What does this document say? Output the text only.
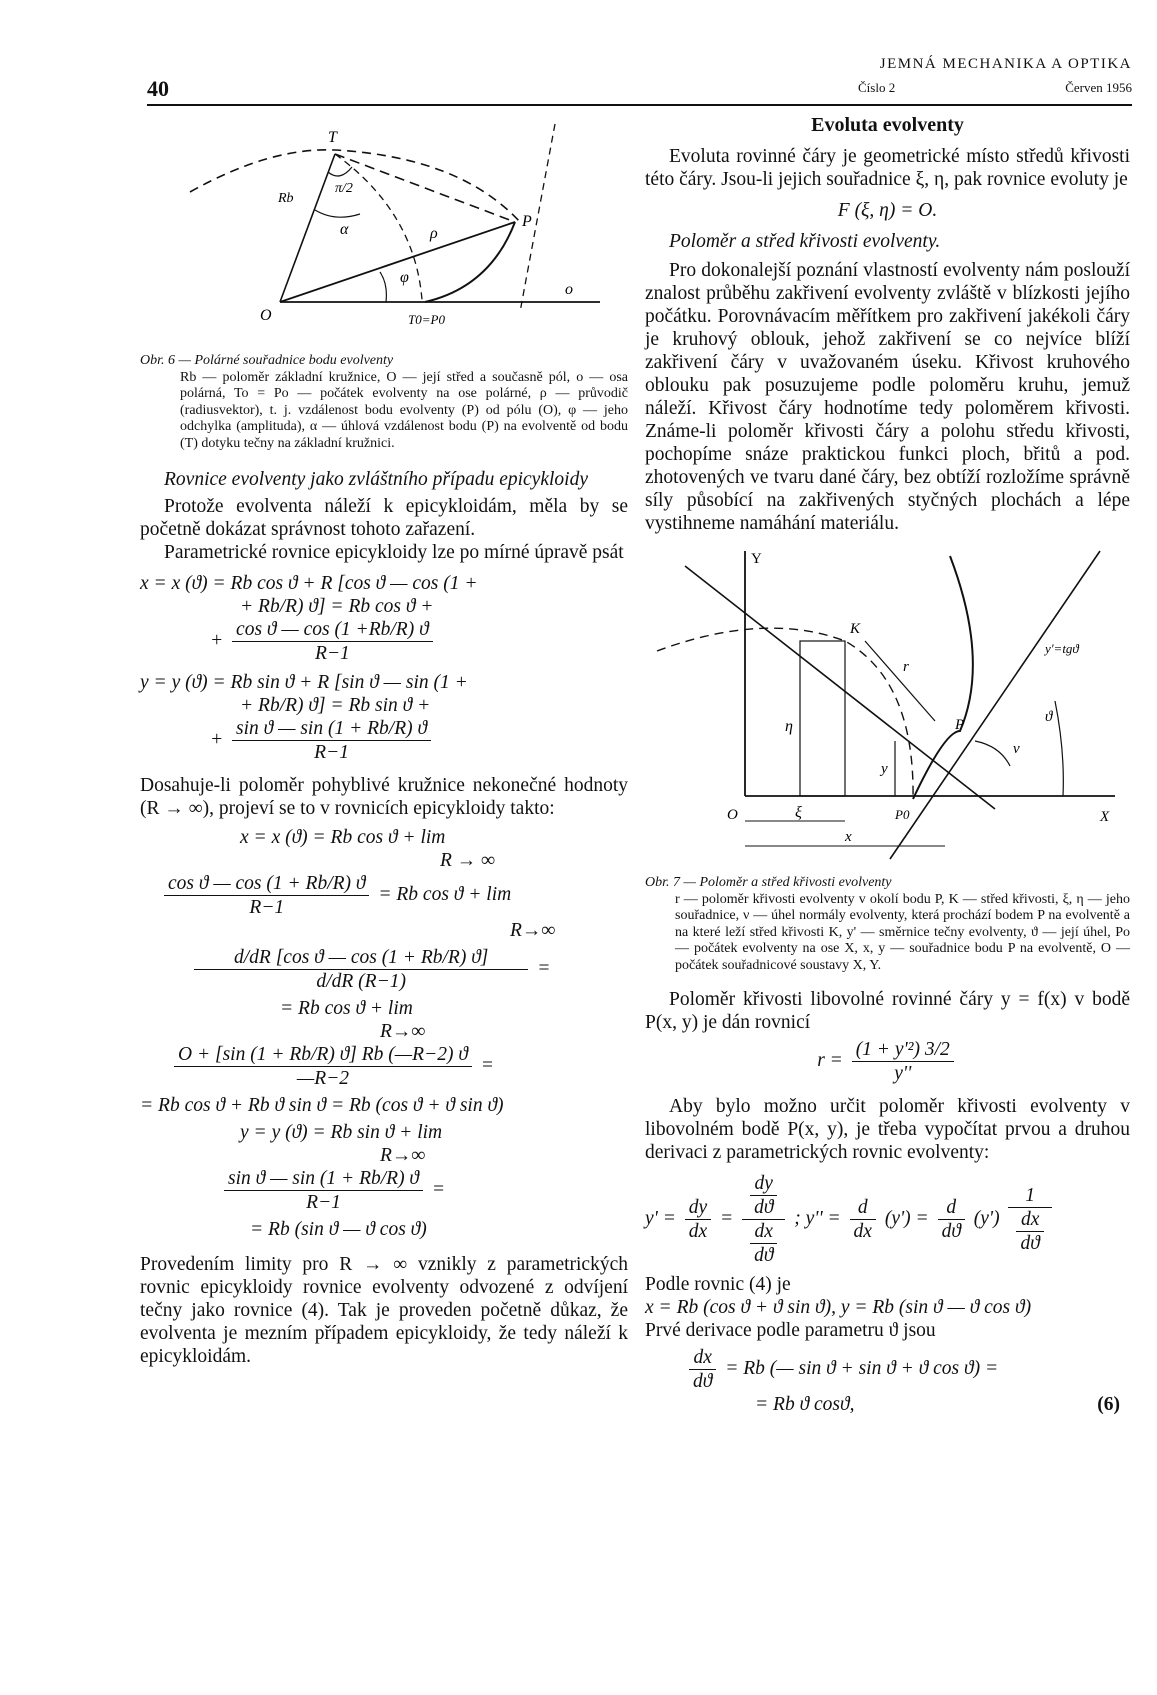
40
JEMNÁ MECHANIKA A OPTIKA
Číslo 2	Červen 1956
T
P
O
o
Rb
π/2
α	ρ
φ
T0=P0
Obr. 6 — Polárné souřadnice bodu evolventy
Rb — poloměr základní kružnice, O — její střed a současně pól, o — osa polárná, To = Po — počátek evolventy na ose polárné, ρ — průvodič (radiusvektor), t. j. vzdálenost bodu evolventy (P) od pólu (O), φ — jeho odchylka (amplituda), α — úhlová vzdálenost bodu (P) na evolventě od bodu (T) dotyku tečny na základní kružnici.

Rovnice evolventy jako zvláštního případu epicykloidy

Protože evolventa náleží k epicykloidám, měla by se početně dokázat správnost tohoto zařazení.

Parametrické rovnice epicykloidy lze po mírné úpravě psát

x = x (ϑ) = Rb cos ϑ + R [cos ϑ — cos (1 +
+ Rb/R) ϑ] = Rb cos ϑ +
+ $\frac{\text{cos ϑ — cos (1 +Rb/R) ϑ}}{R-1}$
y = y (ϑ) = Rb sin ϑ + R [sin ϑ — sin (1 +
+ Rb/R) ϑ] = Rb sin ϑ +
+ $\frac{\text{sin ϑ — sin (1 + Rb/R) ϑ}}{R-1}$

Dosahuje-li poloměr pohyblivé kružnice nekonečné hodnoty (R → ∞), projeví se to v rovnicích epicykloidy takto:

x = x (ϑ) = Rb cos ϑ + lim
R → ∞
$\frac{\text{cos ϑ — cos (1 + Rb/R) ϑ}}{R-1} = Rb$ cos ϑ + lim
R→∞
$\frac{\text{d/dR [cos ϑ — cos (1 + Rb/R) ϑ]}}{d/dR (R-1)}$ =
= Rb cos ϑ + lim
R→∞
$\frac{O + [\sin (1 + Rb/R) ϑ] Rb (—R-2) ϑ}{—R-2}$ =
= Rb cos ϑ + Rb ϑ sin ϑ = Rb (cos ϑ + ϑ sin ϑ)
y = y (ϑ) = Rb sin ϑ + lim
R→∞
$\frac{\text{sin ϑ — sin (1 + Rb/R) ϑ}}{R-1}$ =
= Rb (sin ϑ — ϑ cos ϑ)

Provedením limity pro R → ∞ vznikly z parametrických rovnic epicykloidy rovnice evolventy odvozené z odvíjení tečny jako rovnice (4). Tak je proveden početně důkaz, že evolventa je mezním případem epicykloidy, že tedy náleží k epicykloidám.

Evoluta evolventy

Evoluta rovinné čáry je geometrické místo středů křivosti této čáry. Jsou-li jejich souřadnice ξ, η, pak rovnice evoluty je

F (ξ, η) = O.

Poloměr a střed křivosti evolventy.

Pro dokonalejší poznání vlastností evolventy nám poslouží znalost průběhu zakřivení evolventy zvláště v blízkosti jejího počátku. Porovnávacím měřítkem pro zakřivení jakékoli čáry je kruhový oblouk, jehož zakřivení se co nejvíce blíží zakřivení čáry v uvažovaném úseku. Křivost kruhového oblouku pak posuzujeme podle poloměru kruhu, jemuž náleží. Křivost čáry hodnotíme tedy poloměrem křivosti. Známe-li poloměr křivosti čáry a polohu středu křivosti, pochopíme snáze praktickou funkci ploch, břitů a pod. zhotovených ve tvaru dané čáry, bez obtíží rozložíme správně síly působící na zakřivených styčných plochách a lépe vystihneme namáhání materiálu.

Y
X
O
K
P
P0
r
η
ξ
x
y
ν
ϑ
y'=tgϑ
Obr. 7 — Poloměr a střed křivosti evolventy
r — poloměr křivosti evolventy v okolí bodu P, K — střed křivosti, ξ, η — jeho souřadnice, ν — úhel normály evolventy, která prochází bodem P na evolventě a na které leží střed křivosti K, y' — směrnice tečny evolventy, ϑ — její úhel, Po — počátek evolventy na ose X, x, y — souřadnice bodu P na evolventě, O — počátek souřadnicové soustavy X, Y.

Poloměr křivosti libovolné rovinné čáry y = f(x) v bodě P(x, y) je dán rovnicí

$r = \frac{\text{(1 + y'²) 3/2}}{y''}$

Aby bylo možno určit poloměr křivosti evolventy v libovolném bodě P(x, y), je třeba vypočítat prvou a druhou derivaci z parametrických rovnic evolventy:

$y' = \frac{dy}{dx} = \frac{\frac{dy}{dϑ}}{\frac{dx}{dϑ}}$ ; $y'' = \frac{d}{dx} (y') = \frac{d}{dϑ} (y') \frac{1}{\frac{dx}{dϑ}}$

Podle rovnic (4) je

x = Rb (cos ϑ + ϑ sin ϑ), y = Rb (sin ϑ — ϑ cos ϑ)

Prvé derivace podle parametru ϑ jsou

$\frac{dx}{dϑ} = Rb$ (— sin ϑ + sin ϑ + ϑ cos ϑ) =
= Rb ϑ cosϑ,	(6)
